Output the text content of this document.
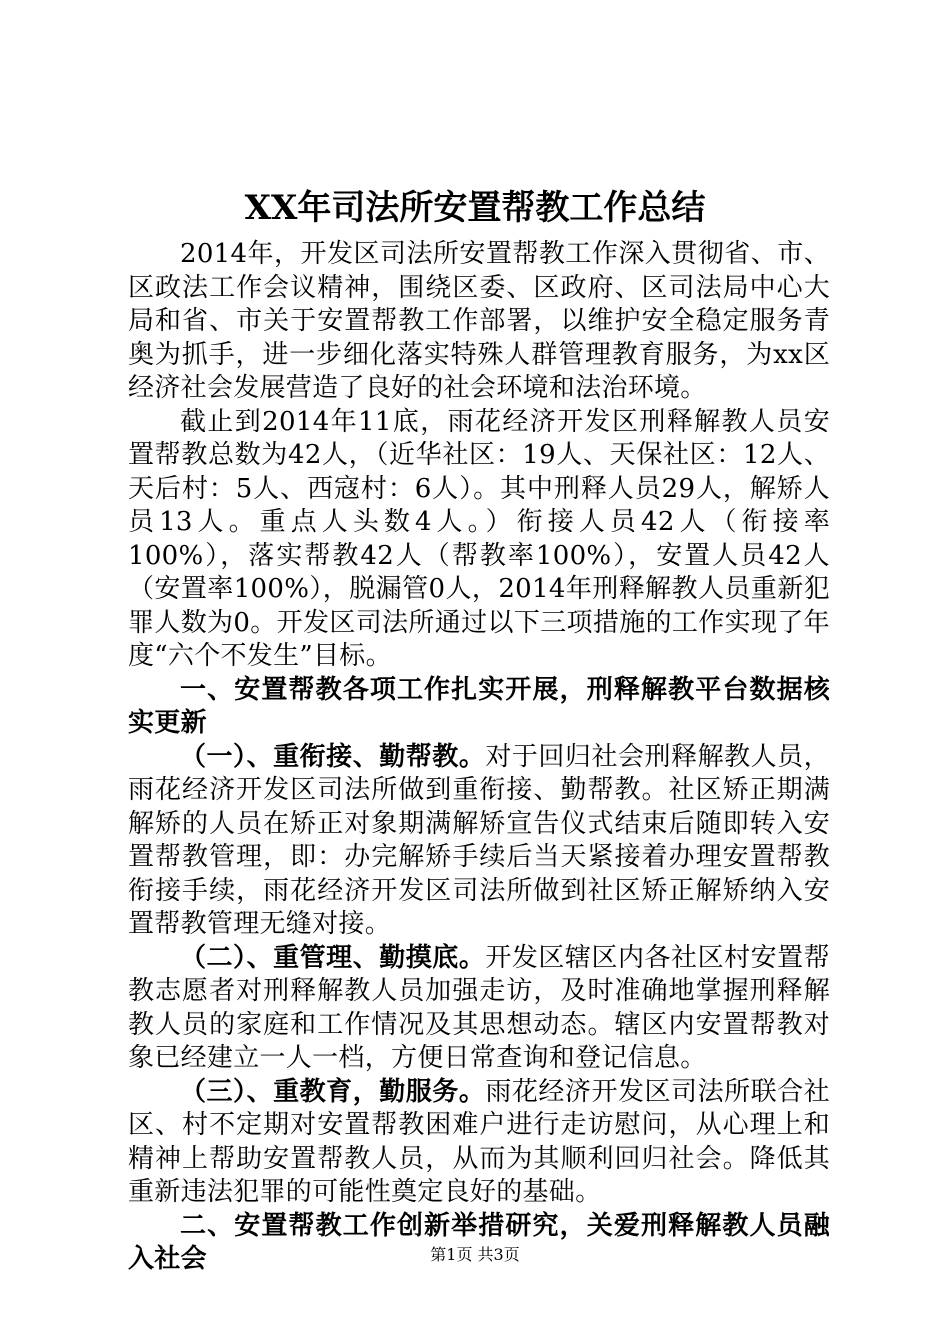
XX年司法所安置帮教工作总结

2014年，开发区司法所安置帮教工作深入贯彻省、市、区政法工作会议精神，围绕区委、区政府、区司法局中心大局和省、市关于安置帮教工作部署，以维护安全稳定服务青奥为抓手，进一步细化落实特殊人群管理教育服务，为xx区经济社会发展营造了良好的社会环境和法治环境。

截止到2014年11底，雨花经济开发区刑释解教人员安置帮教总数为42人，（近华社区：19人、天保社区：12人、天后村：5人、西寇村：6人）。其中刑释人员29人，解矫人员13人。重点人头数4人。）衔接人员42人（衔接率100%），落实帮教42人（帮教率100%），安置人员42人（安置率100%），脱漏管0人，2014年刑释解教人员重新犯罪人数为0。开发区司法所通过以下三项措施的工作实现了年度“六个不发生”目标。

一、安置帮教各项工作扎实开展，刑释解教平台数据核实更新

（一）、重衔接、勤帮教。对于回归社会刑释解教人员，雨花经济开发区司法所做到重衔接、勤帮教。社区矫正期满解矫的人员在矫正对象期满解矫宣告仪式结束后随即转入安置帮教管理，即：办完解矫手续后当天紧接着办理安置帮教衔接手续，雨花经济开发区司法所做到社区矫正解矫纳入安置帮教管理无缝对接。

（二）、重管理、勤摸底。开发区辖区内各社区村安置帮教志愿者对刑释解教人员加强走访，及时准确地掌握刑释解教人员的家庭和工作情况及其思想动态。辖区内安置帮教对象已经建立一人一档，方便日常查询和登记信息。

（三）、重教育，勤服务。雨花经济开发区司法所联合社区、村不定期对安置帮教困难户进行走访慰问，从心理上和精神上帮助安置帮教人员，从而为其顺利回归社会。降低其重新违法犯罪的可能性奠定良好的基础。

二、安置帮教工作创新举措研究，关爱刑释解教人员融入社会	第1页 共3页
